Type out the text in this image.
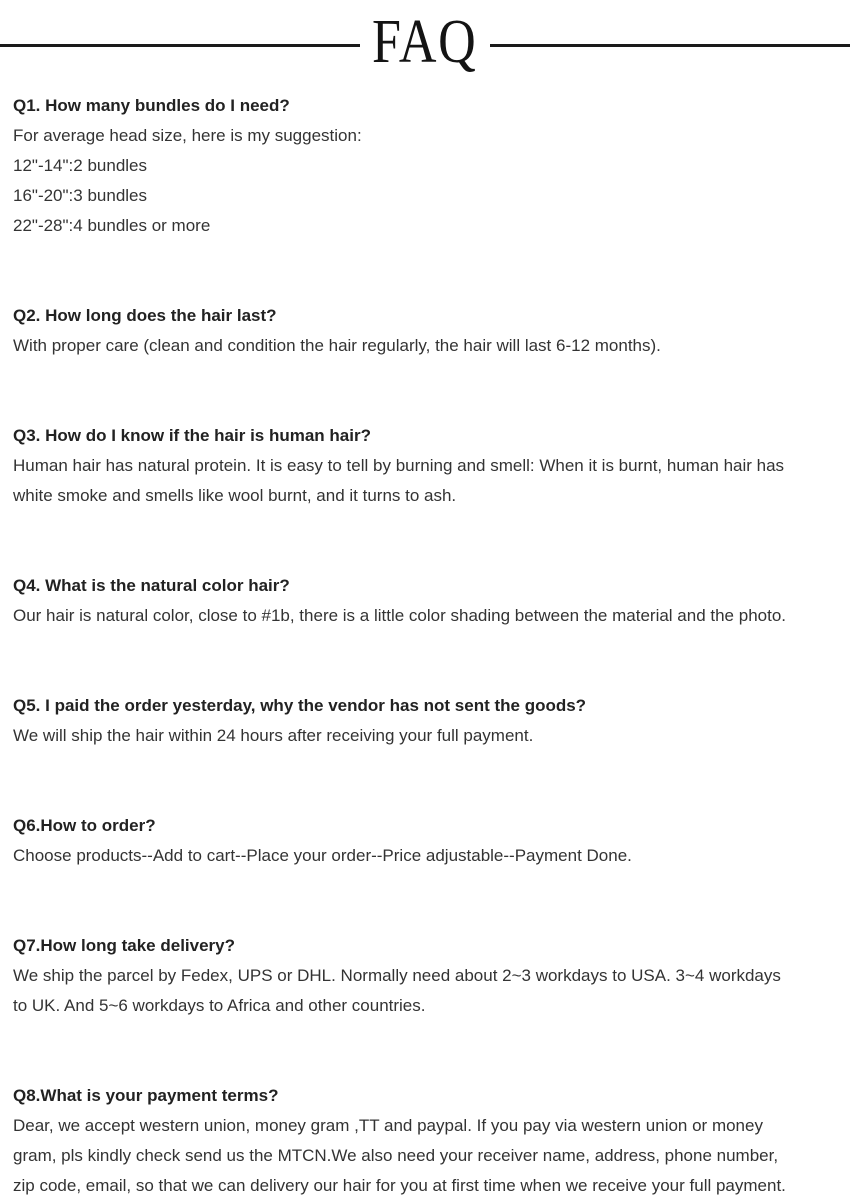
FAQ
Q1. How many bundles do I need?

For average head size, here is my suggestion:

12"-14":2 bundles

16"-20":3 bundles

22"-28":4 bundles or more

Q2. How long does the hair last?

With proper care (clean and condition the hair regularly, the hair will last 6-12 months).

Q3. How do I know if the hair is human hair?

Human hair has natural protein. It is easy to tell by burning and smell: When it is burnt, human hair has

white smoke and smells like wool burnt, and it turns to ash.

Q4. What is the natural color hair?

Our hair is natural color, close to #1b, there is a little color shading between the material and the photo.

Q5. I paid the order yesterday, why the vendor has not sent the goods?

We will ship the hair within 24 hours after receiving your full payment.

Q6.How to order?

Choose products--Add to cart--Place your order--Price adjustable--Payment Done.

Q7.How long take delivery?

We ship the parcel by Fedex, UPS or DHL. Normally need about 2~3 workdays to USA. 3~4 workdays

to UK. And 5~6 workdays to Africa and other countries.

Q8.What is your payment terms?

Dear, we accept western union, money gram ,TT and paypal. If you pay via western union or money

gram, pls kindly check send us the MTCN.We also need your receiver name, address, phone number,

zip code, email, so that we can delivery our hair for you at first time when we receive your full payment.
